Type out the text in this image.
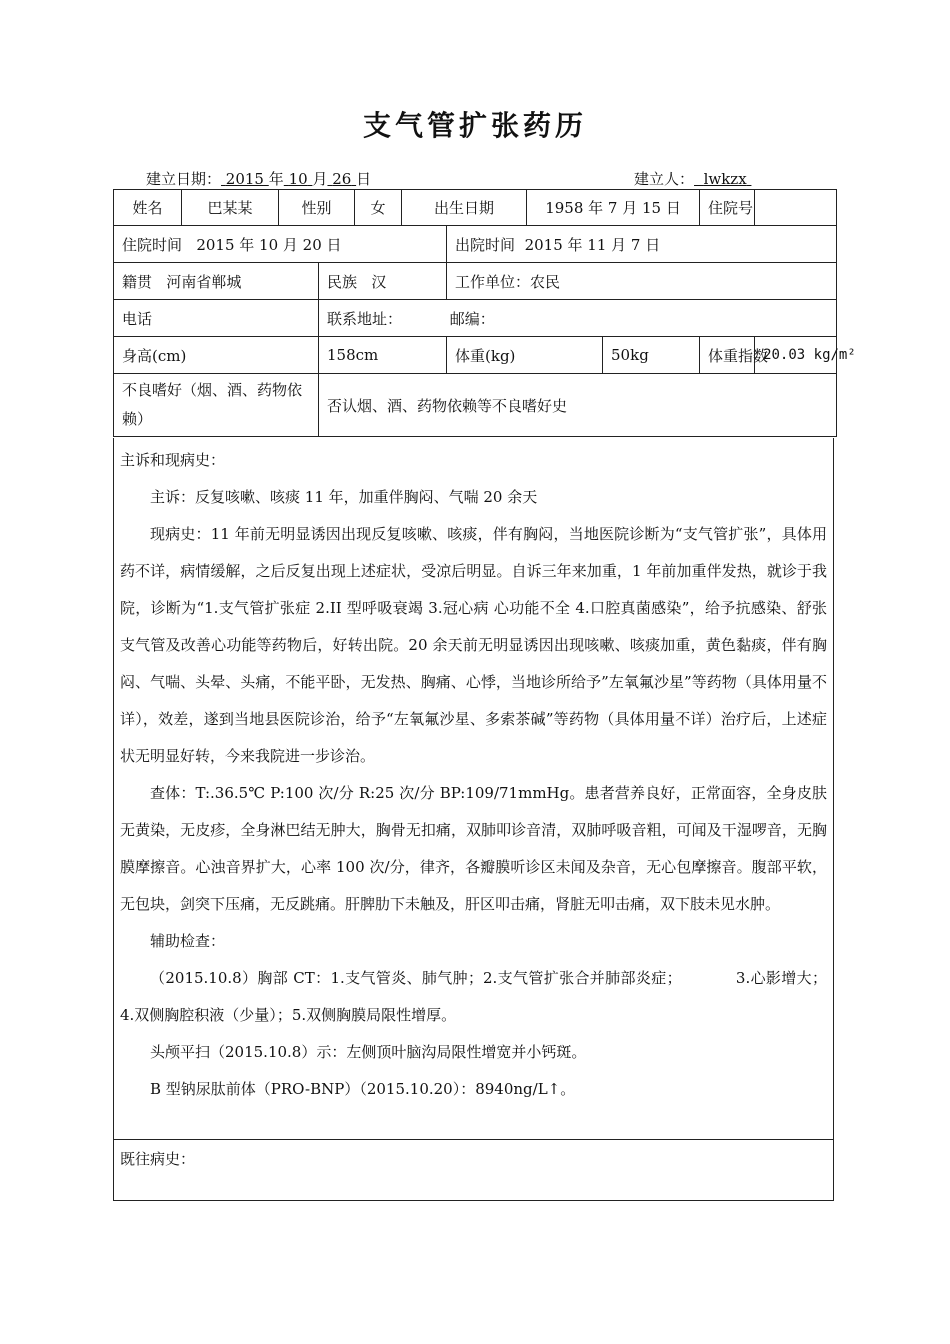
支气管扩张药历
建立日期： 2015 年 10 月 26 日	建立人： lwkzx
姓名	巴某某	性别		女	出生日期		1958 年 7 月 15 日		住院号	
住院时间 2015 年 10 月 20 日						出院时间 2015 年 11 月 7 日				
籍贯 河南省郸城			民族 汉			工作单位：农民				
电话			联系地址： 邮编：							
身高(cm)			158cm			体重(kg)		50kg	体重指数	20.03 kg/m²
不良嗜好（烟、酒、药物依赖）			否认烟、酒、药物依赖等不良嗜好史							

主诉和现病史：

主诉：反复咳嗽、咳痰 11 年，加重伴胸闷、气喘 20 余天

现病史：11 年前无明显诱因出现反复咳嗽、咳痰，伴有胸闷，当地医院诊断为“支气管扩张”，具体用药不详，病情缓解，之后反复出现上述症状，受凉后明显。自诉三年来加重，1 年前加重伴发热，就诊于我院，诊断为“1.支气管扩张症 2.II 型呼吸衰竭 3.冠心病 心功能不全 4.口腔真菌感染”，给予抗感染、舒张支气管及改善心功能等药物后，好转出院。20 余天前无明显诱因出现咳嗽、咳痰加重，黄色黏痰，伴有胸闷、气喘、头晕、头痛，不能平卧，无发热、胸痛、心悸，当地诊所给予”左氧氟沙星”等药物（具体用量不详），效差，遂到当地县医院诊治，给予“左氧氟沙星、多索茶碱”等药物（具体用量不详）治疗后，上述症状无明显好转，今来我院进一步诊治。

查体：T:.36.5℃ P:100 次/分 R:25 次/分 BP:109/71mmHg。患者营养良好，正常面容，全身皮肤无黄染，无皮疹，全身淋巴结无肿大，胸骨无扣痛，双肺叩诊音清，双肺呼吸音粗，可闻及干湿啰音，无胸膜摩擦音。心浊音界扩大，心率 100 次/分，律齐，各瓣膜听诊区未闻及杂音，无心包摩擦音。腹部平软，无包块，剑突下压痛，无反跳痛。肝脾肋下未触及，肝区叩击痛，肾脏无叩击痛，双下肢未见水肿。

辅助检查：

（2015.10.8）胸部 CT：1.支气管炎、肺气肿；2.支气管扩张合并肺部炎症；　　　　3.心影增大；4.双侧胸腔积液（少量）；5.双侧胸膜局限性增厚。

头颅平扫（2015.10.8）示：左侧顶叶脑沟局限性增宽并小钙斑。

B 型钠尿肽前体（PRO-BNP）（2015.10.20）：8940ng/L↑。

既往病史：
